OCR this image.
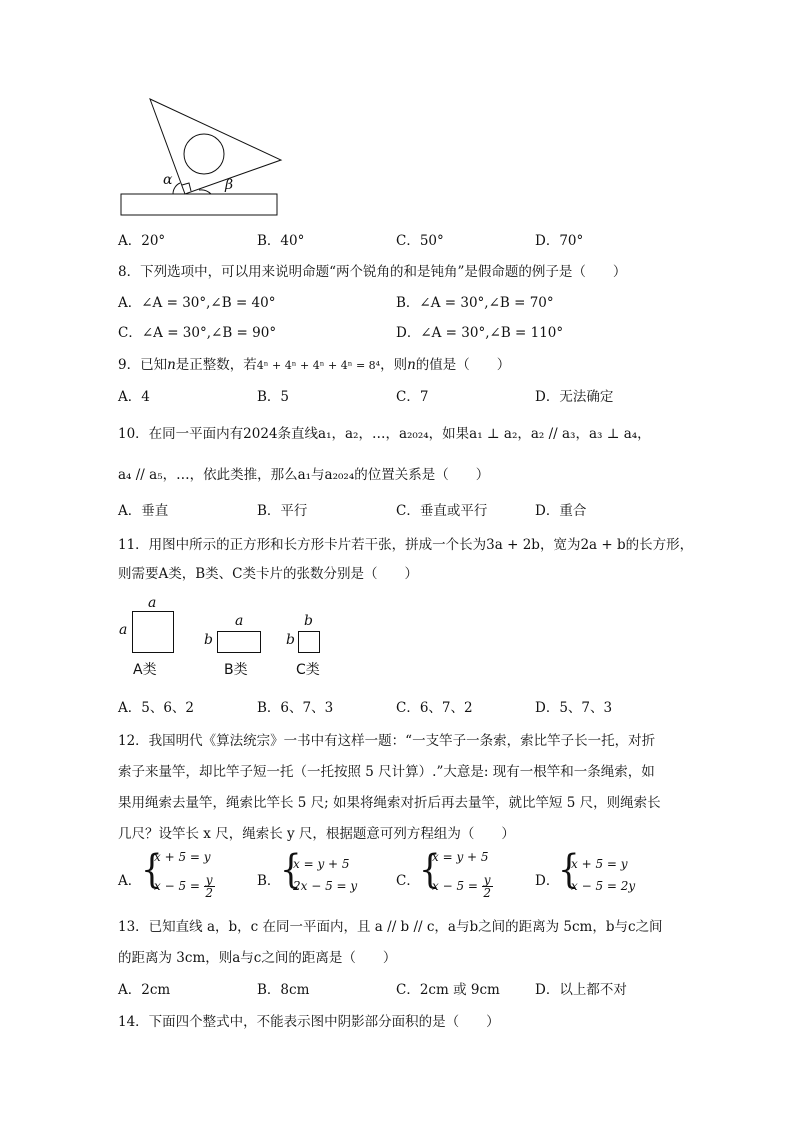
α	β
A．20°	B．40°	C．50°	D．70°
8．下列选项中，可以用来说明命题“两个锐角的和是钝角”是假命题的例子是（　　）
A．∠A = 30°,∠B = 40°	B．∠A = 30°,∠B = 70°
C．∠A = 30°,∠B = 90°	D．∠A = 30°,∠B = 110°
9．已知n是正整数，若4ⁿ + 4ⁿ + 4ⁿ + 4ⁿ = 8⁴，则n的值是（　　）
A．4	B．5	C．7	D．无法确定
10．在同一平面内有2024条直线a₁，a₂，…，a₂₀₂₄，如果a₁ ⊥ a₂，a₂ // a₃，a₃ ⊥ a₄，
a₄ // a₅，…，依此类推，那么a₁与a₂₀₂₄的位置关系是（　　）
A．垂直	B．平行	C．垂直或平行	D．重合
11．用图中所示的正方形和长方形卡片若干张，拼成一个长为3a + 2b，宽为2a + b的长方形，
则需要A类，B类、C类卡片的张数分别是（　　）
a
a
A类
a
b
B类
b
b
C类
A．5、6、2	B．6、7、3	C．6、7、2	D．5、7、3
12．我国明代《算法统宗》一书中有这样一题：“一支竿子一条索，索比竿子长一托，对折
索子来量竿，却比竿子短一托（一托按照 5 尺计算）.”大意是: 现有一根竿和一条绳索，如
果用绳索去量竿，绳索比竿长 5 尺; 如果将绳索对折后再去量竿，就比竿短 5 尺，则绳索长
几尺？设竿长 x 尺，绳索长 y 尺，根据题意可列方程组为（　　）
A． {
x + 5 = y
$x - 5 = \frac{y}{2}$	B． {
x = y + 5
2x − 5 = y	C． {
x = y + 5
$x - 5 = \frac{y}{2}$	D．
{
x + 5 = y
x − 5 = 2y
13．已知直线 a，b，c 在同一平面内，且 a // b // c，a与b之间的距离为 5cm，b与c之间
的距离为 3cm，则a与c之间的距离是（　　）
A．2cm	B．8cm	C．2cm 或 9cm	D．以上都不对
14．下面四个整式中，不能表示图中阴影部分面积的是（　　）
